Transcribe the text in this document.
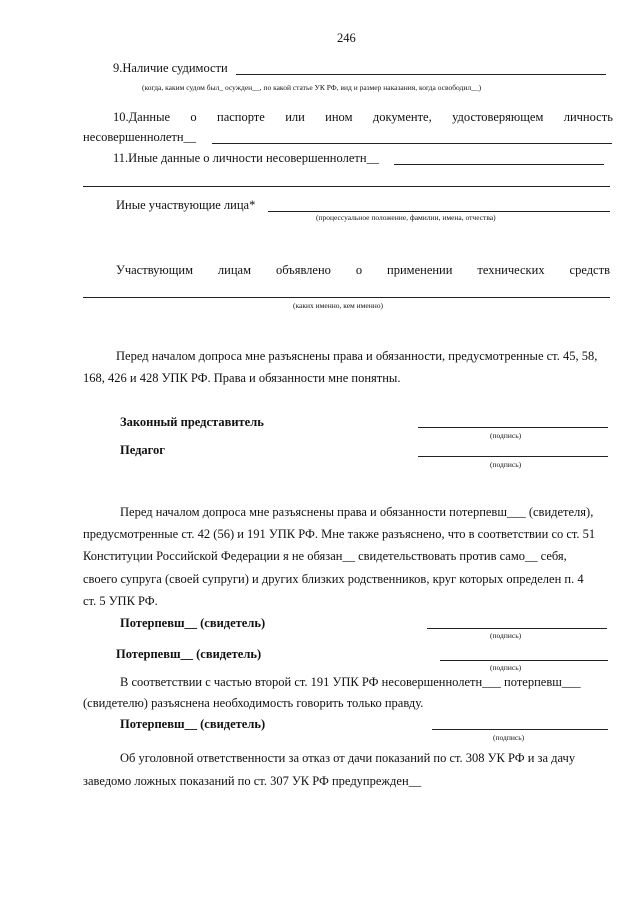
246
9.Наличие судимости
(когда, каким судом был_ осужден__, по какой статье УК РФ, вид и размер наказания, когда освободил__)
10.Данные о паспорте или ином документе, удостоверяющем личность
несовершеннолетн__
11.Иные данные о личности несовершеннолетн__
Иные участвующие лица*
(процессуальное положение, фамилии, имена, отчества)
Участвующим лицам объявлено о применении технических средств
(каких именно, кем именно)
Перед началом допроса мне разъяснены права и обязанности, предусмотренные ст. 45, 58,
168, 426 и 428 УПК РФ. Права и обязанности мне понятны.
Законный представитель
(подпись)
Педагог
(подпись)
Перед началом допроса мне разъяснены права и обязанности потерпевш___ (свидетеля),
предусмотренные ст. 42 (56) и 191 УПК РФ. Мне также разъяснено, что в соответствии со ст. 51
Конституции Российской Федерации я не обязан__ свидетельствовать против само__ себя,
своего супруга (своей супруги) и других близких родственников, круг которых определен п. 4
ст. 5 УПК РФ.
Потерпевш__ (свидетель)
(подпись)
Потерпевш__ (свидетель)
(подпись)
В соответствии с частью второй ст. 191 УПК РФ несовершеннолетн___ потерпевш___
(свидетелю) разъяснена необходимость говорить только правду.
Потерпевш__ (свидетель)
(подпись)
Об уголовной ответственности за отказ от дачи показаний по ст. 308 УК РФ и за дачу
заведомо ложных показаний по ст. 307 УК РФ предупрежден__
